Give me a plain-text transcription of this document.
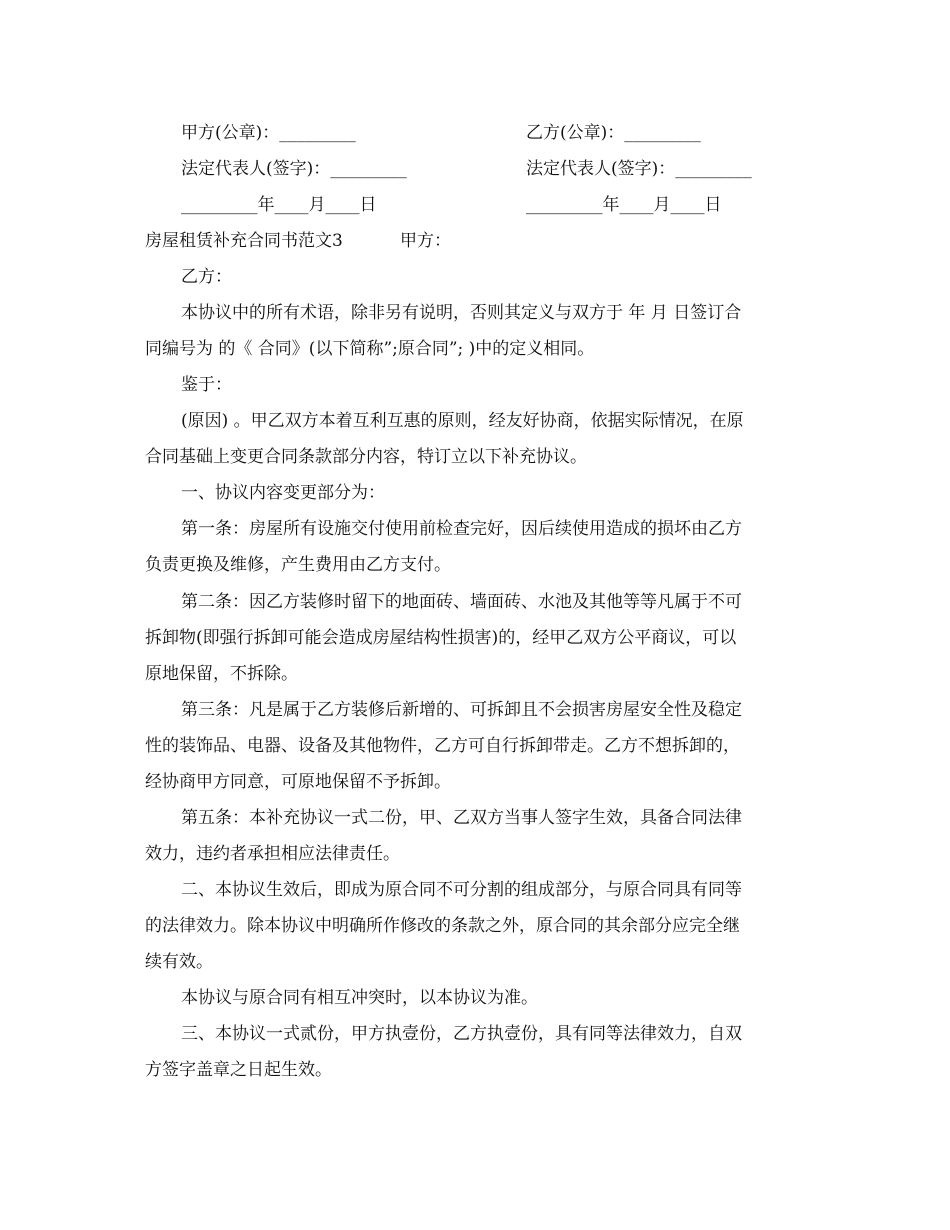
甲方(公章)：_________	乙方(公章)：_________
法定代表人(签字)：_________	法定代表人(签字)：_________
_________年____月____日	_________年____月____日
房屋租赁补充合同书范文3	甲方：
乙方：
本协议中的所有术语，除非另有说明，否则其定义与双方于 年 月 日签订合
同编号为 的《 合同》(以下简称”;原合同”; )中的定义相同。
鉴于：
(原因) 。甲乙双方本着互利互惠的原则，经友好协商，依据实际情况，在原
合同基础上变更合同条款部分内容，特订立以下补充协议。
一、协议内容变更部分为：
第一条：房屋所有设施交付使用前检查完好，因后续使用造成的损坏由乙方
负责更换及维修，产生费用由乙方支付。
第二条：因乙方装修时留下的地面砖、墙面砖、水池及其他等等凡属于不可
拆卸物(即强行拆卸可能会造成房屋结构性损害)的，经甲乙双方公平商议，可以
原地保留，不拆除。
第三条：凡是属于乙方装修后新增的、可拆卸且不会损害房屋安全性及稳定
性的装饰品、电器、设备及其他物件，乙方可自行拆卸带走。乙方不想拆卸的，
经协商甲方同意，可原地保留不予拆卸。
第五条：本补充协议一式二份，甲、乙双方当事人签字生效，具备合同法律
效力，违约者承担相应法律责任。
二、本协议生效后，即成为原合同不可分割的组成部分，与原合同具有同等
的法律效力。除本协议中明确所作修改的条款之外，原合同的其余部分应完全继
续有效。
本协议与原合同有相互冲突时，以本协议为准。
三、本协议一式贰份，甲方执壹份，乙方执壹份，具有同等法律效力，自双
方签字盖章之日起生效。
